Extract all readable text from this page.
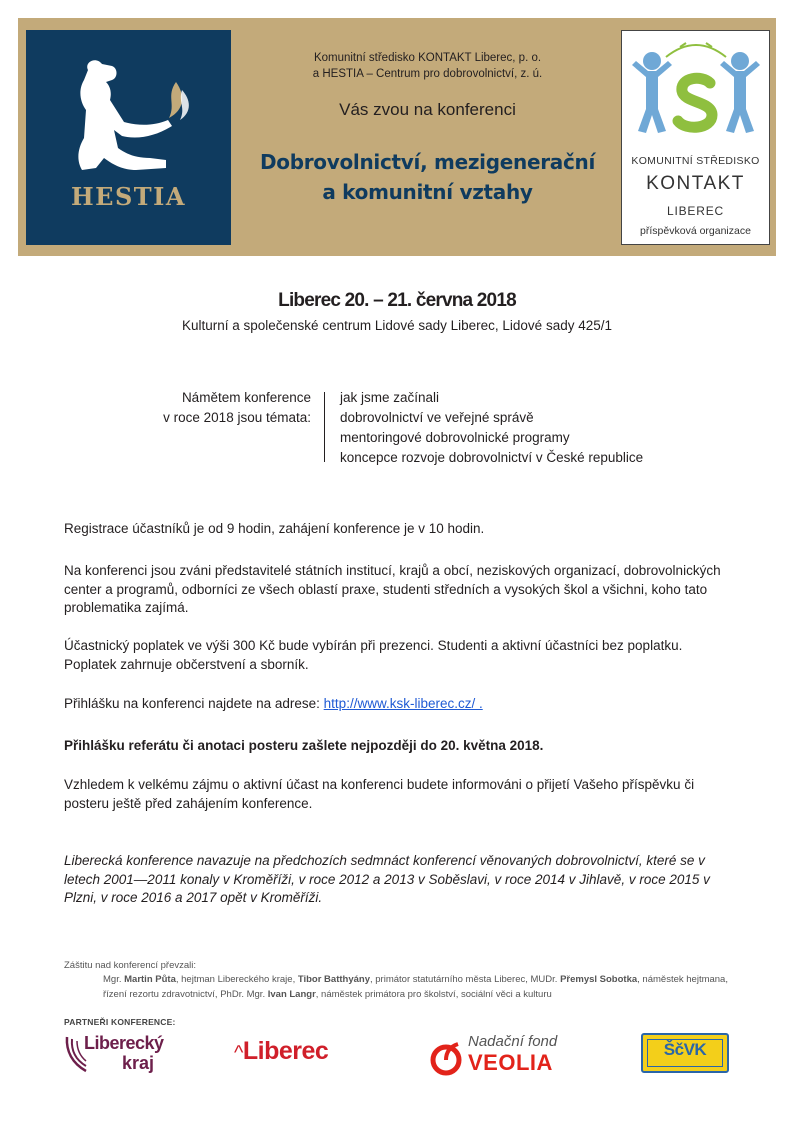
HESTIA
Komunitní středisko KONTAKT Liberec, p. o.
a HESTIA – Centrum pro dobrovolnictví, z. ú.
Vás zvou na konferenci
Dobrovolnictví, mezigenerační
a komunitní vztahy
KOMUNITNÍ STŘEDISKO
KONTAKT
LIBEREC
příspěvková organizace
Liberec 20. – 21. června 2018
Kulturní a společenské centrum Lidové sady Liberec, Lidové sady 425/1
Námětem konference
v roce 2018 jsou témata:
jak jsme začínali
dobrovolnictví ve veřejné správě
mentoringové dobrovolnické programy
koncepce rozvoje dobrovolnictví v České republice

Registrace účastníků je od 9 hodin, zahájení konference je v 10 hodin.

Na konferenci jsou zváni představitelé státních institucí, krajů a obcí, neziskových organizací, dobrovolnických center a programů, odborníci ze všech oblastí praxe, studenti středních a vysokých škol a všichni, koho tato problematika zajímá.

Účastnický poplatek ve výši 300 Kč bude vybírán při prezenci. Studenti a aktivní účastníci bez poplatku. Poplatek zahrnuje občerstvení a sborník.

Přihlášku na konferenci najdete na adrese: http://www.ksk-liberec.cz/ .

Přihlášku referátu či anotaci posteru zašlete nejpozději do 20. května 2018.

Vzhledem k velkému zájmu o aktivní účast na konferenci budete informováni o přijetí Vašeho příspěvku či posteru ještě před zahájením konference.

Liberecká konference navazuje na předchozích sedmnáct konferencí věnovaných dobrovolnictví, které se v letech 2001—2011 konaly v Kroměříži, v roce 2012 a 2013 v Soběslavi, v roce 2014 v Jihlavě, v roce 2015 v Plzni, v roce 2016 a 2017 opět v Kroměříži.

Záštitu nad konferencí převzali:
Mgr. Martin Půta, hejtman Libereckého kraje, Tibor Batthyány, primátor statutárního města Liberec, MUDr. Přemysl Sobotka, náměstek hejtmana, řízení rezortu zdravotnictví, PhDr. Mgr. Ivan Langr, náměstek primátora pro školství, sociální věci a kulturu
PARTNEŘI KONFERENCE:
Liberecký
kraj	^Liberec	Nadační fond
VEOLIA
ŠčVK
